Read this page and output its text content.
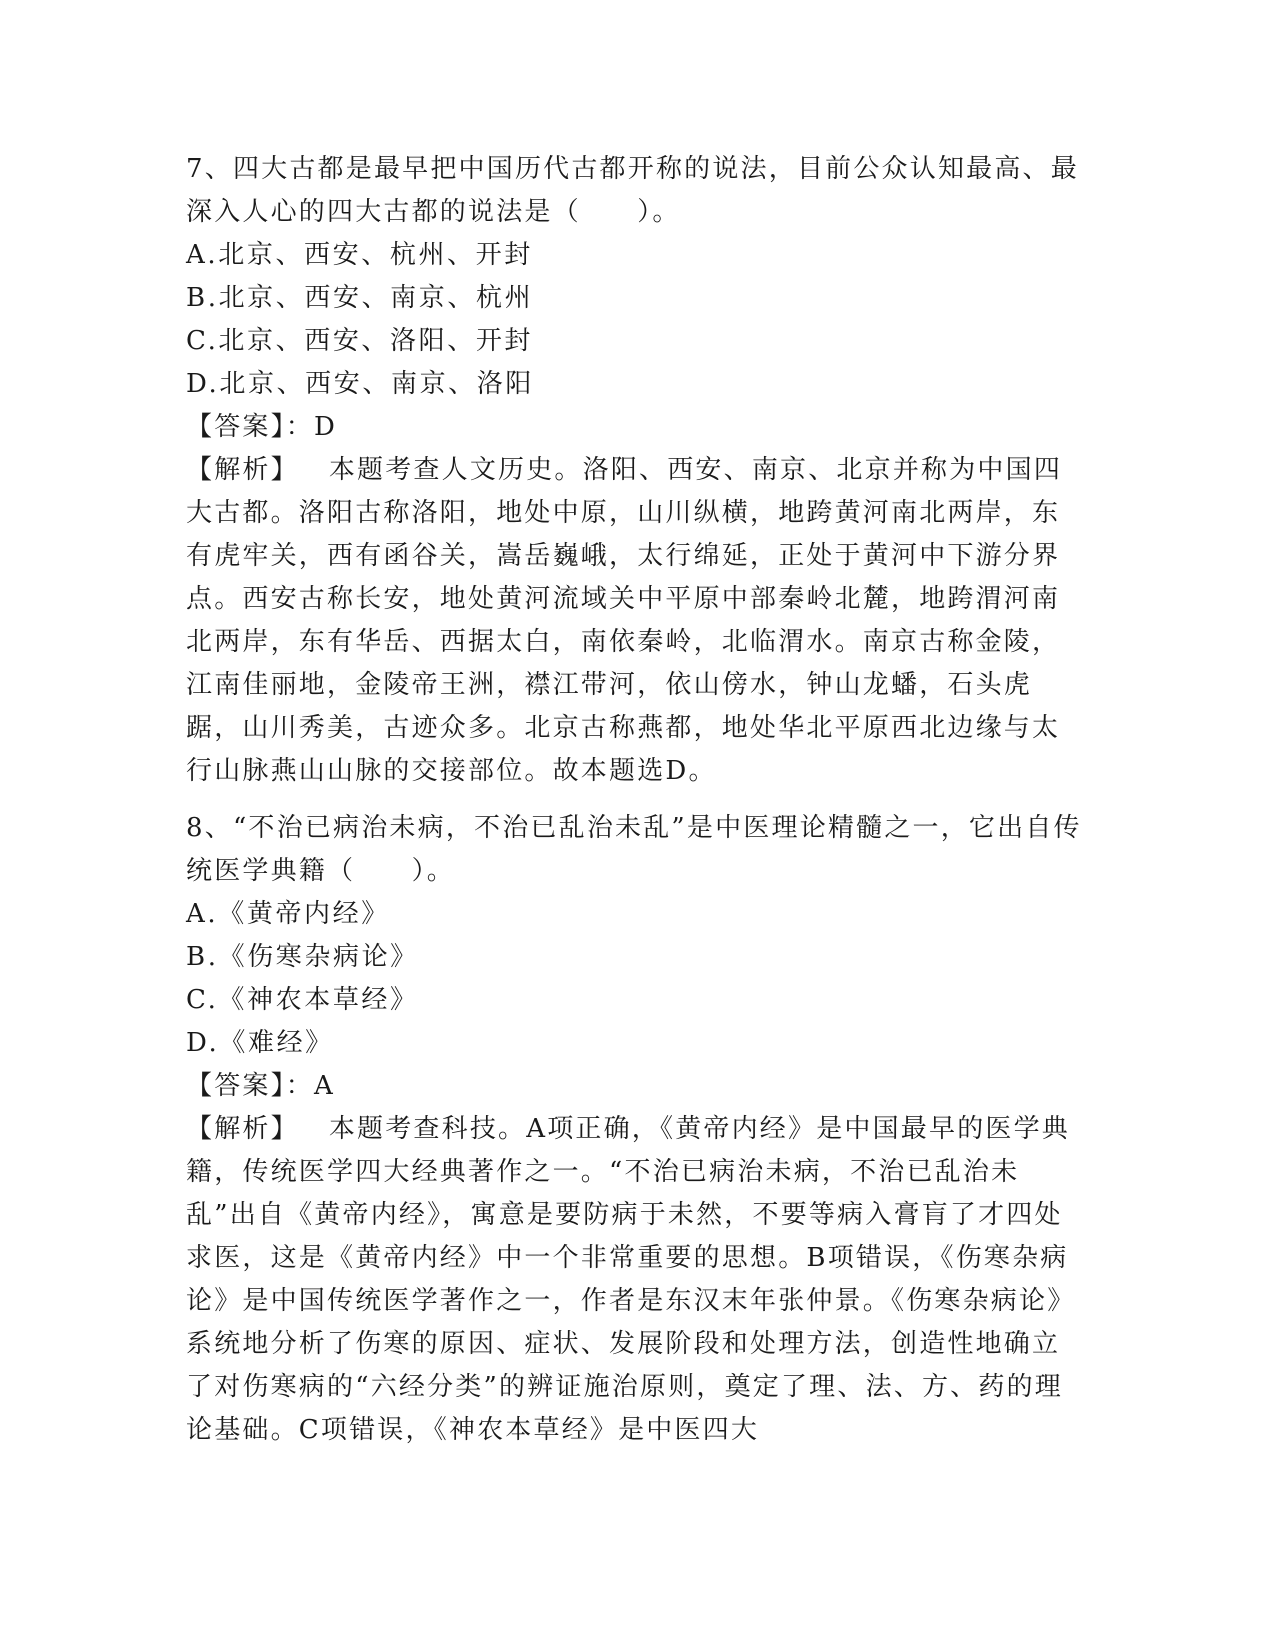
7、四大古都是最早把中国历代古都开称的说法，目前公众认知最高、最深入人心的四大古都的说法是（　　）。

A.北京、西安、杭州、开封

B.北京、西安、南京、杭州

C.北京、西安、洛阳、开封

D.北京、西安、南京、洛阳

【答案】：D

【解析】 本题考查人文历史。洛阳、西安、南京、北京并称为中国四大古都。洛阳古称洛阳，地处中原，山川纵横，地跨黄河南北两岸，东有虎牢关，西有函谷关，嵩岳巍峨，太行绵延，正处于黄河中下游分界点。西安古称长安，地处黄河流域关中平原中部秦岭北麓，地跨渭河南北两岸，东有华岳、西据太白，南依秦岭，北临渭水。南京古称金陵，江南佳丽地，金陵帝王洲，襟江带河，依山傍水，钟山龙蟠，石头虎踞，山川秀美，古迹众多。北京古称燕都，地处华北平原西北边缘与太行山脉燕山山脉的交接部位。故本题选D。

8、“不治已病治未病，不治已乱治未乱”是中医理论精髓之一，它出自传统医学典籍（　　）。

A.《黄帝内经》

B.《伤寒杂病论》

C.《神农本草经》

D.《难经》

【答案】：A

【解析】 本题考查科技。A项正确，《黄帝内经》是中国最早的医学典籍，传统医学四大经典著作之一。“不治已病治未病，不治已乱治未乱”出自《黄帝内经》，寓意是要防病于未然，不要等病入膏肓了才四处求医，这是《黄帝内经》中一个非常重要的思想。B项错误，《伤寒杂病论》是中国传统医学著作之一，作者是东汉末年张仲景。《伤寒杂病论》系统地分析了伤寒的原因、症状、发展阶段和处理方法，创造性地确立了对伤寒病的“六经分类”的辨证施治原则，奠定了理、法、方、药的理论基础。C项错误，《神农本草经》是中医四大
